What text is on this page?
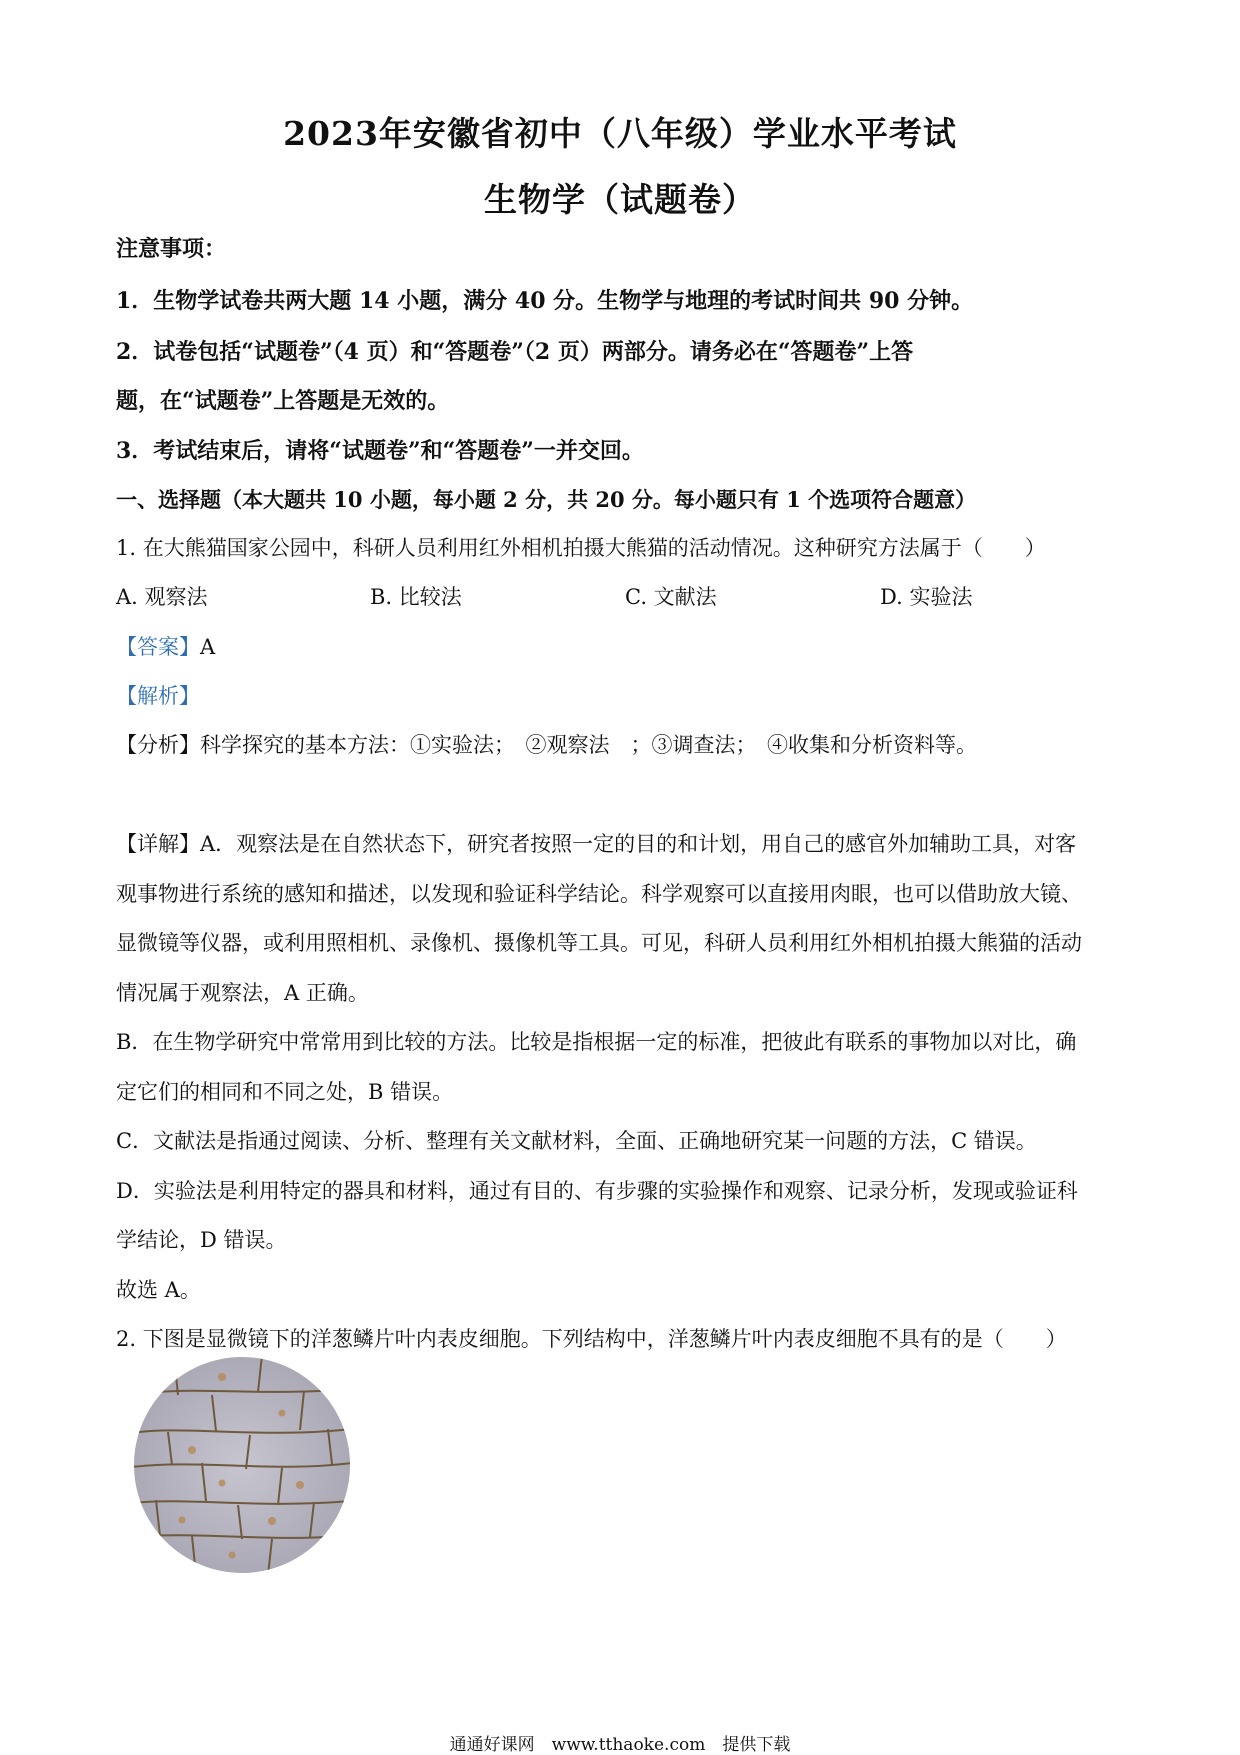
2023年安徽省初中（八年级）学业水平考试
生物学（试题卷）
注意事项：
1．生物学试卷共两大题 14 小题，满分 40 分。生物学与地理的考试时间共 90 分钟。
2．试卷包括“试题卷”（4 页）和“答题卷”（2 页）两部分。请务必在“答题卷”上答
题，在“试题卷”上答题是无效的。
3．考试结束后，请将“试题卷”和“答题卷”一并交回。
一、选择题（本大题共 10 小题，每小题 2 分，共 20 分。每小题只有 1 个选项符合题意）
1. 在大熊猫国家公园中，科研人员利用红外相机拍摄大熊猫的活动情况。这种研究方法属于（　　）
A. 观察法	B. 比较法	C. 文献法	D. 实验法
【答案】A
【解析】
【分析】科学探究的基本方法：①实验法；　②观察法　；③调查法；　④收集和分析资料等。
【详解】A．观察法是在自然状态下，研究者按照一定的目的和计划，用自己的感官外加辅助工具，对客
观事物进行系统的感知和描述，以发现和验证科学结论。科学观察可以直接用肉眼，也可以借助放大镜、
显微镜等仪器，或利用照相机、录像机、摄像机等工具。可见，科研人员利用红外相机拍摄大熊猫的活动
情况属于观察法，A 正确。
B．在生物学研究中常常用到比较的方法。比较是指根据一定的标准，把彼此有联系的事物加以对比，确
定它们的相同和不同之处，B 错误。
C．文献法是指通过阅读、分析、整理有关文献材料，全面、正确地研究某一问题的方法，C 错误。
D．实验法是利用特定的器具和材料，通过有目的、有步骤的实验操作和观察、记录分析，发现或验证科
学结论，D 错误。
故选 A。
2. 下图是显微镜下的洋葱鳞片叶内表皮细胞。下列结构中，洋葱鳞片叶内表皮细胞不具有的是（　　）
通通好课网　www.tthaoke.com　提供下载
